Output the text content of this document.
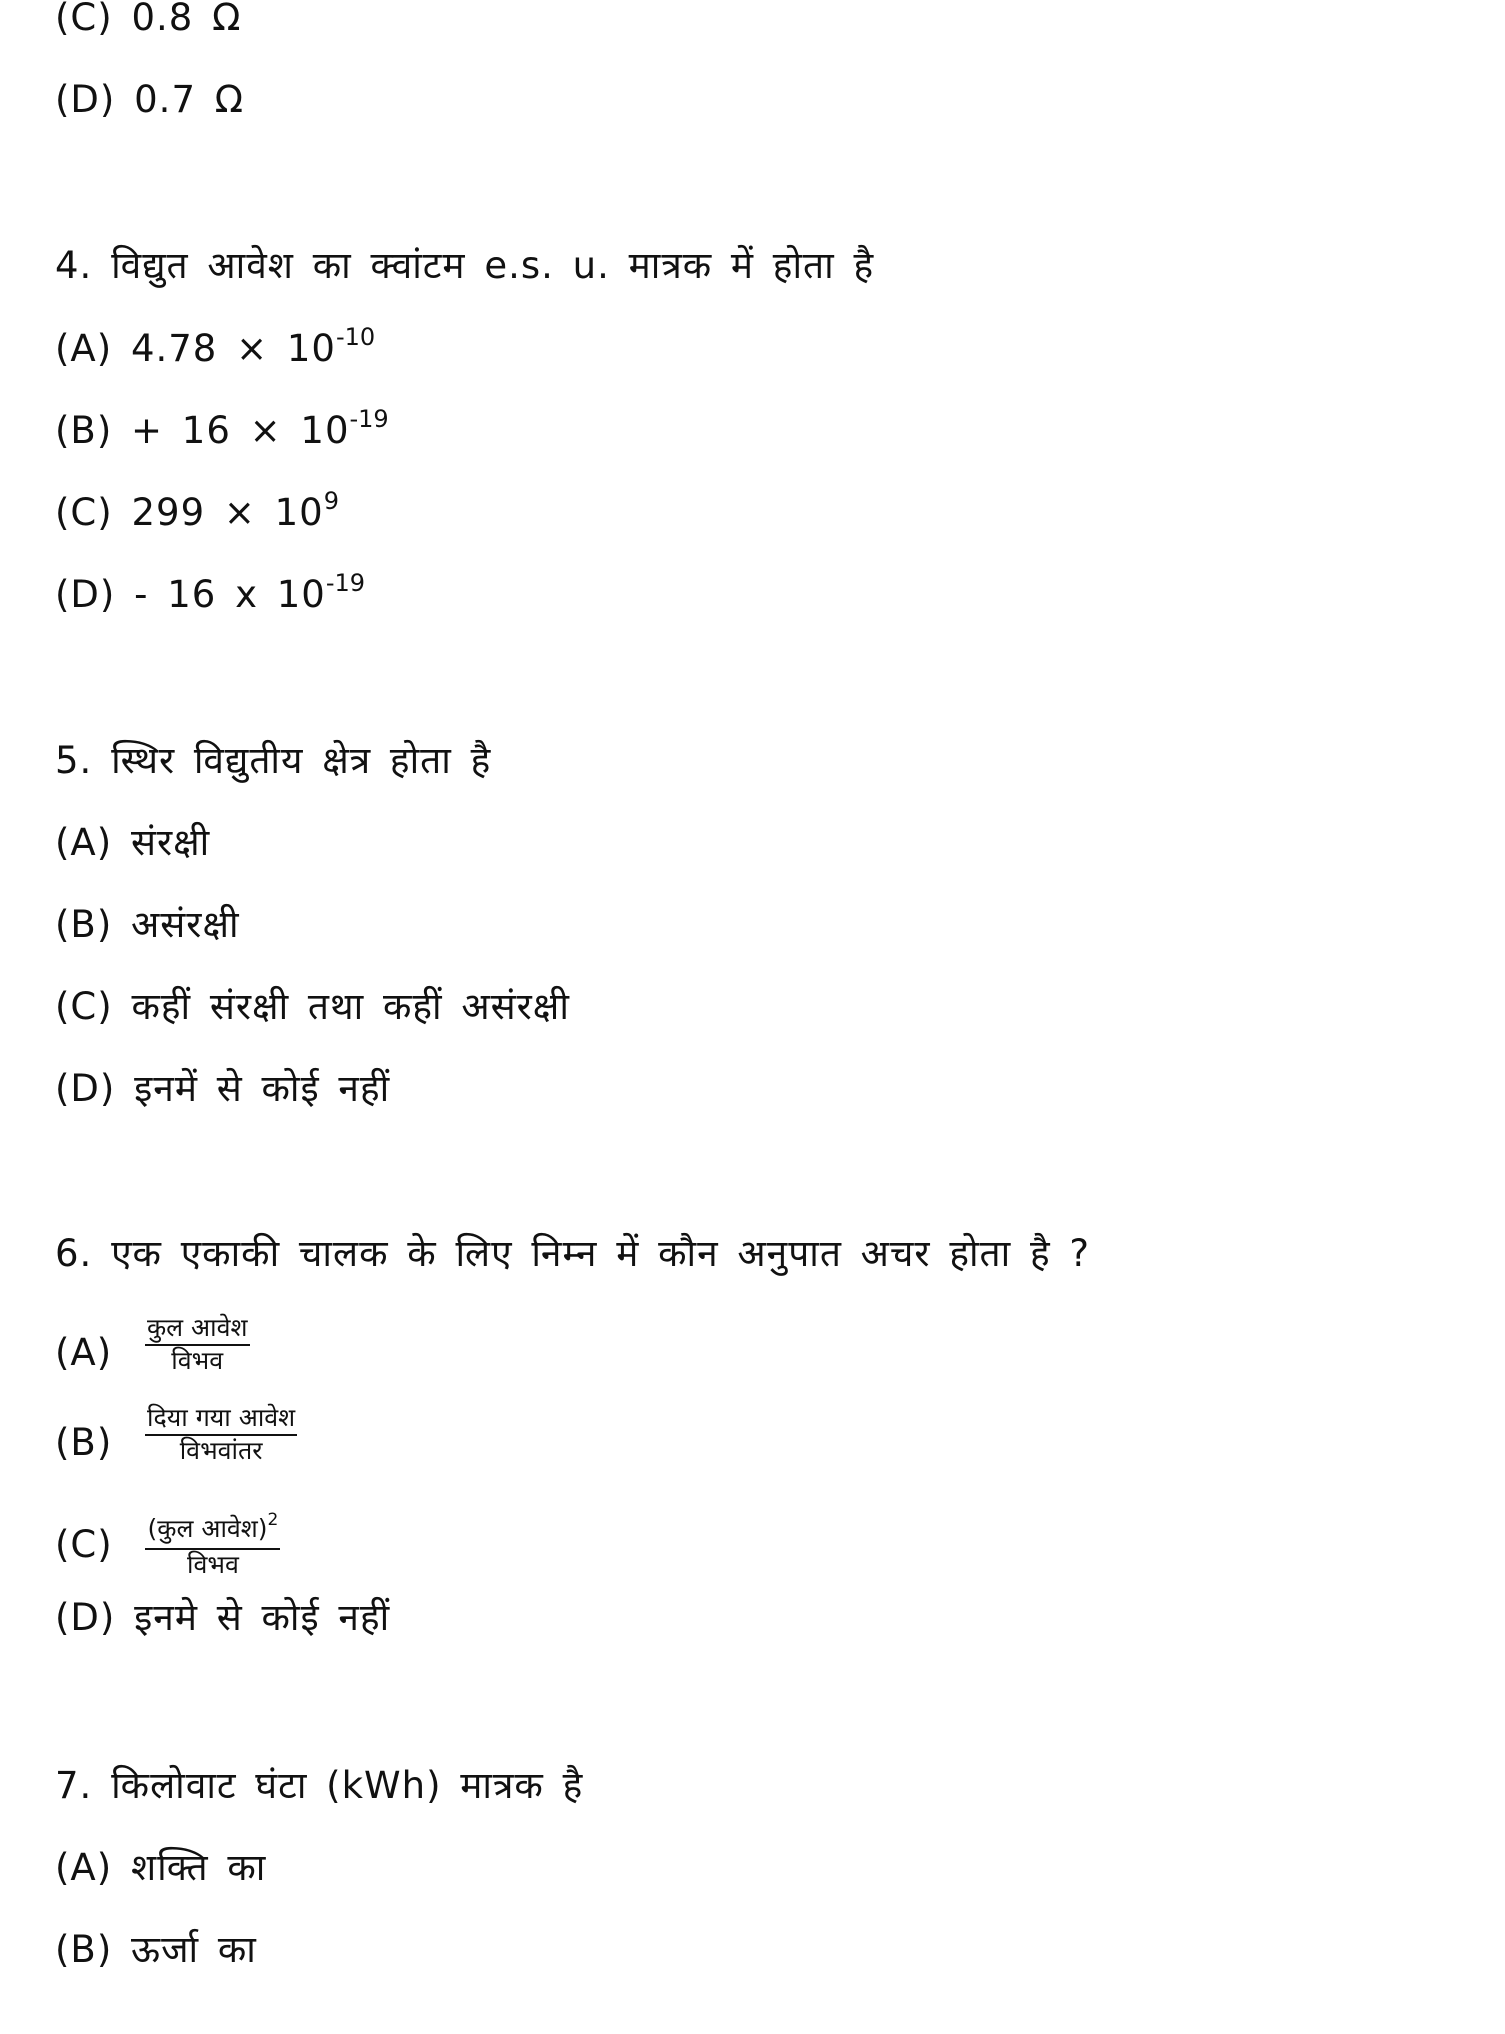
(C) 0.8 Ω
(D) 0.7 Ω
4. विद्युत आवेश का क्वांटम e.s. u. मात्रक में होता है
(A) $4.78 \times 10^{-10}$
$(B) + 16 \times 10^{-19}$
(C) $299 \times 10^9$
(D) - 16 x $10^{-19}$
5. स्थिर विद्युतीय क्षेत्र होता है
(A) संरक्षी
(B) असंरक्षी
(C) कहीं संरक्षी तथा कहीं असंरक्षी
(D) इनमें से कोई नहीं
6. एक एकाकी चालक के लिए निम्न में कौन अनुपात अचर होता है ?
$(A) \frac{\text{कुल आवेश}}{\text{विभव}}$
$(B) \frac{\text{दिया गया आवेश}}{\text{विभवांतर}}$
$(C) \frac{(कुल आवेश)^2}{\text{विभव}}$
(D) इनमे से कोई नहीं
7. किलोवाट घंटा (kWh) मात्रक है
(A) शक्ति का
(B) ऊर्जा का
